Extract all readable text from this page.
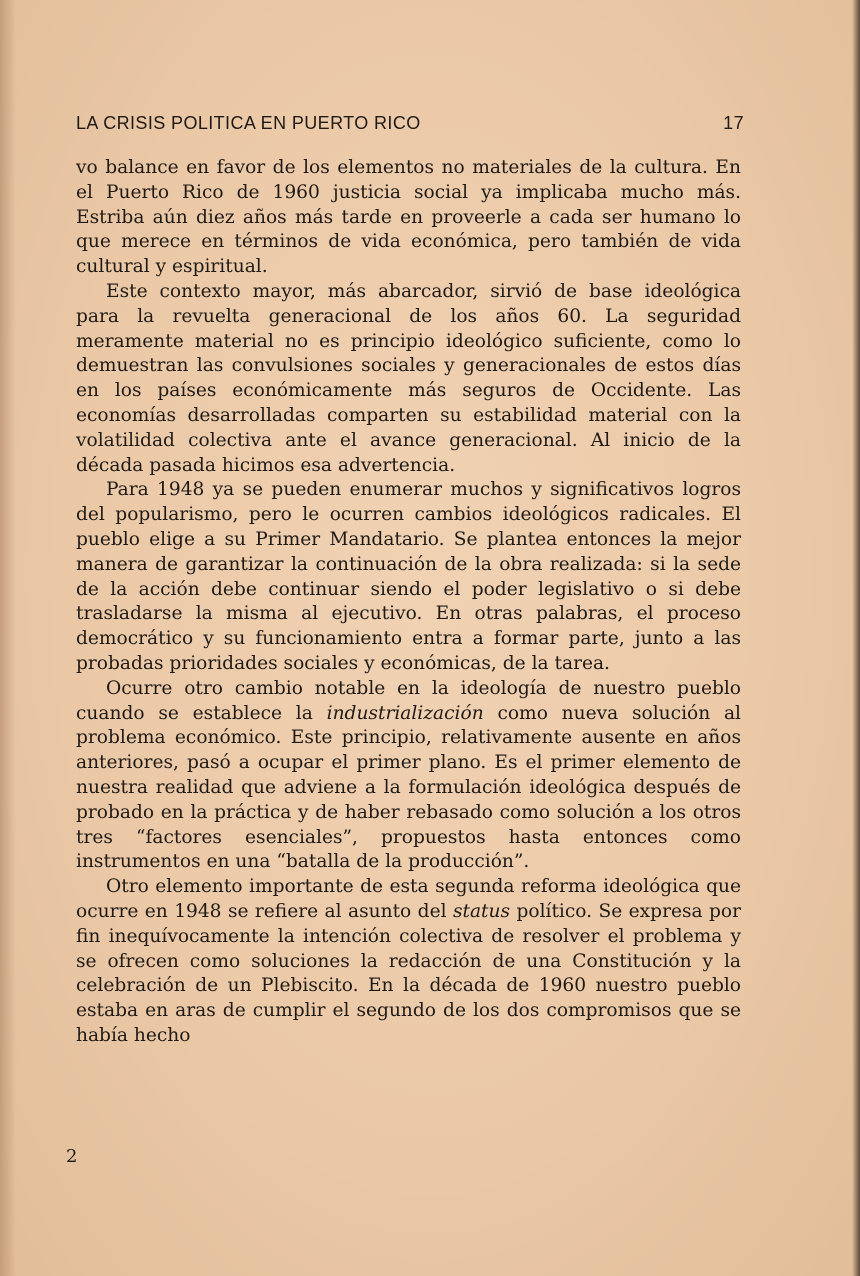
LA CRISIS POLITICA EN PUERTO RICO	17

vo balance en favor de los elementos no materiales de la cultura. En el Puerto Rico de 1960 justicia social ya implicaba mucho más. Estriba aún diez años más tarde en proveerle a cada ser humano lo que merece en términos de vida económica, pero también de vida cultural y espiritual.

Este contexto mayor, más abarcador, sirvió de base ideológica para la revuelta generacional de los años 60. La seguridad meramente material no es principio ideológico suficiente, como lo demuestran las convulsiones sociales y generacionales de estos días en los países económicamente más seguros de Occidente. Las economías desarrolladas comparten su estabilidad material con la volatilidad colectiva ante el avance generacional. Al inicio de la década pasada hicimos esa advertencia.

Para 1948 ya se pueden enumerar muchos y significativos logros del popularismo, pero le ocurren cambios ideológicos radicales. El pueblo elige a su Primer Mandatario. Se plantea entonces la mejor manera de garantizar la continuación de la obra realizada: si la sede de la acción debe continuar siendo el poder legislativo o si debe trasladarse la misma al ejecutivo. En otras palabras, el proceso democrático y su funcionamiento entra a formar parte, junto a las probadas prioridades sociales y económicas, de la tarea.

Ocurre otro cambio notable en la ideología de nuestro pueblo cuando se establece la industrialización como nueva solución al problema económico. Este principio, relativamente ausente en años anteriores, pasó a ocupar el primer plano. Es el primer elemento de nuestra realidad que adviene a la formulación ideológica después de probado en la práctica y de haber rebasado como solución a los otros tres “factores esenciales”, propuestos hasta entonces como instrumentos en una “batalla de la producción”.

Otro elemento importante de esta segunda reforma ideológica que ocurre en 1948 se refiere al asunto del status político. Se expresa por fin inequívocamente la intención colectiva de resolver el problema y se ofrecen como soluciones la redacción de una Constitución y la celebración de un Plebiscito. En la década de 1960 nuestro pueblo estaba en aras de cumplir el segundo de los dos compromisos que se había hecho

2
